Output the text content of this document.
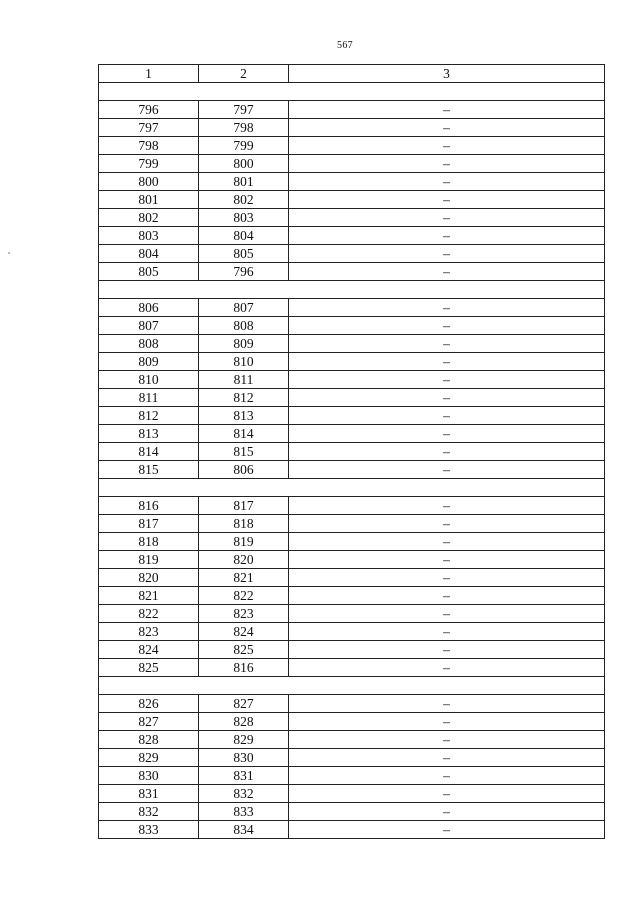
567
1	2	3

796	797	–
797	798	–
798	799	–
799	800	–
800	801	–
801	802	–
802	803	–
803	804	–
804	805	–
805	796	–

806	807	–
807	808	–
808	809	–
809	810	–
810	811	–
811	812	–
812	813	–
813	814	–
814	815	–
815	806	–

816	817	–
817	818	–
818	819	–
819	820	–
820	821	–
821	822	–
822	823	–
823	824	–
824	825	–
825	816	–

826	827	–
827	828	–
828	829	–
829	830	–
830	831	–
831	832	–
832	833	–
833	834	–
